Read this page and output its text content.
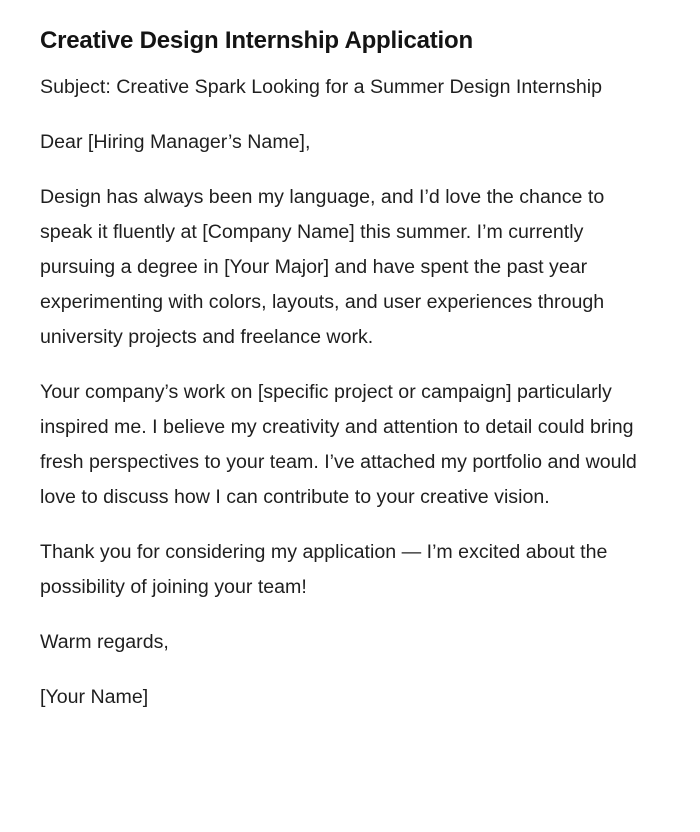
Creative Design Internship Application

Subject: Creative Spark Looking for a Summer Design Internship

Dear [Hiring Manager’s Name],

Design has always been my language, and I’d love the chance to speak it fluently at [Company Name] this summer. I’m currently pursuing a degree in [Your Major] and have spent the past year experimenting with colors, layouts, and user experiences through university projects and freelance work.

Your company’s work on [specific project or campaign] particularly inspired me. I believe my creativity and attention to detail could bring fresh perspectives to your team. I’ve attached my portfolio and would love to discuss how I can contribute to your creative vision.

Thank you for considering my application — I’m excited about the possibility of joining your team!

Warm regards,

[Your Name]
